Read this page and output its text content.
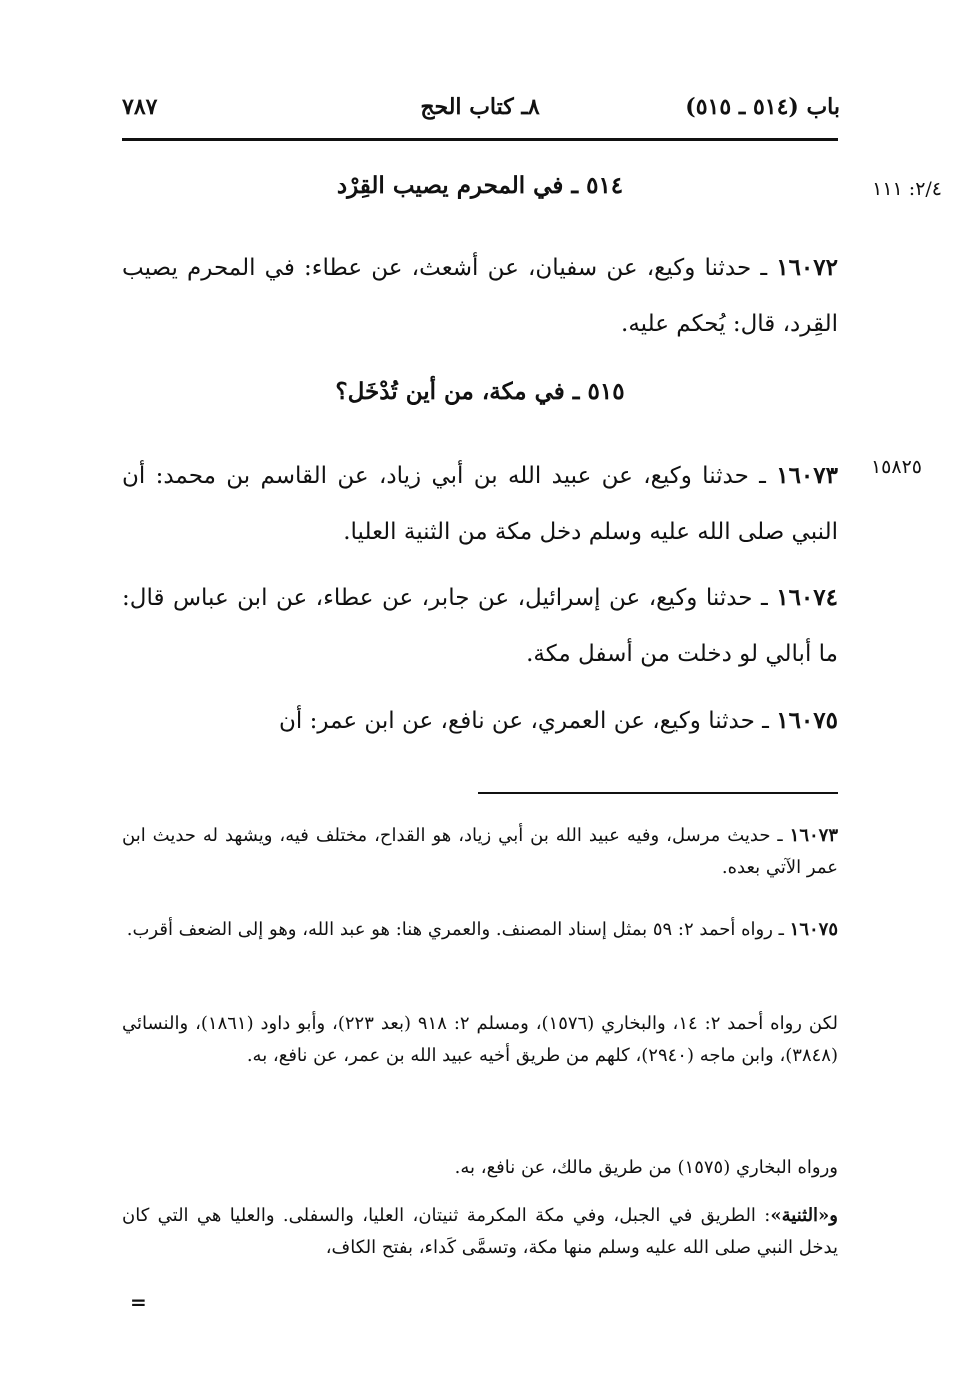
باب (٥١٤ ـ ٥١٥)
٨ـ كتاب الحج
٧٨٧
٢/٤: ١١١
١٥٨٢٥
٥١٤ ـ في المحرم يصيب القِرْد
١٦٠٧٢ ـ حدثنا وكيع، عن سفيان، عن أشعث، عن عطاء: في المحرم يصيب القِرد، قال: يُحكم عليه.
٥١٥ ـ في مكة، من أين تُدْخَل؟
١٦٠٧٣ ـ حدثنا وكيع، عن عبيد الله بن أبي زياد، عن القاسم بن محمد: أن النبي صلى الله عليه وسلم دخل مكة من الثنية العليا.
١٦٠٧٤ ـ حدثنا وكيع، عن إسرائيل، عن جابر، عن عطاء، عن ابن عباس قال: ما أبالي لو دخلت من أسفل مكة.
١٦٠٧٥ ـ حدثنا وكيع، عن العمري، عن نافع، عن ابن عمر: أن
١٦٠٧٣ ـ حديث مرسل، وفيه عبيد الله بن أبي زياد، هو القداح، مختلف فيه، ويشهد له حديث ابن عمر الآتي بعده.
١٦٠٧٥ ـ رواه أحمد ٢: ٥٩ بمثل إسناد المصنف. والعمري هنا: هو عبد الله، وهو إلى الضعف أقرب.
لكن رواه أحمد ٢: ١٤، والبخاري (١٥٧٦)، ومسلم ٢: ٩١٨ (بعد ٢٢٣)، وأبو داود (١٨٦١)، والنسائي (٣٨٤٨)، وابن ماجه (٢٩٤٠)، كلهم من طريق أخيه عبيد الله بن عمر، عن نافع، به.
ورواه البخاري (١٥٧٥) من طريق مالك، عن نافع، به.
و«الثنية»: الطريق في الجبل، وفي مكة المكرمة ثنيتان، العليا، والسفلى. والعليا هي التي كان يدخل النبي صلى الله عليه وسلم منها مكة، وتسمَّى كَداء، بفتح الكاف،
=
